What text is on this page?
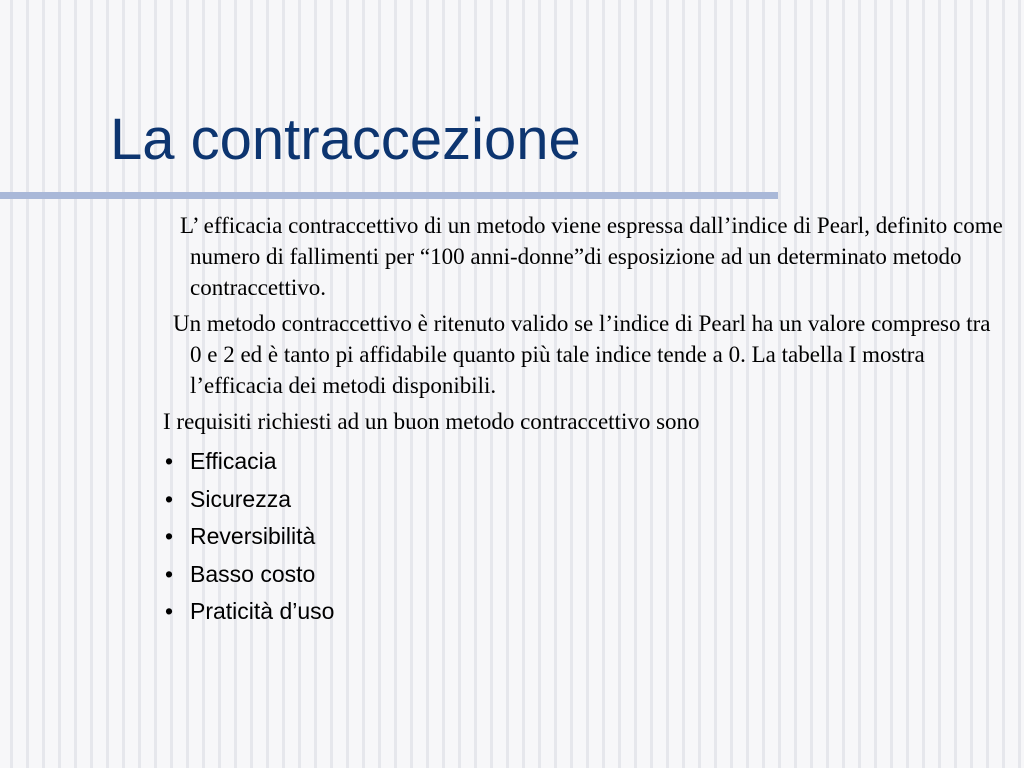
La contraccezione

L’ efficacia contraccettivo di un metodo viene espressa dall’indice di Pearl, definito come numero di fallimenti per “100 anni-donne”di esposizione ad un determinato metodo contraccettivo.

Un metodo contraccettivo è ritenuto valido se l’indice di Pearl ha un valore compreso tra 0 e 2 ed è tanto pi affidabile quanto più tale indice tende a 0. La tabella I mostra l’efficacia dei metodi disponibili.

I requisiti richiesti ad un buon metodo contraccettivo sono

• Efficacia
• Sicurezza
• Reversibilità
• Basso costo
• Praticità d’uso
